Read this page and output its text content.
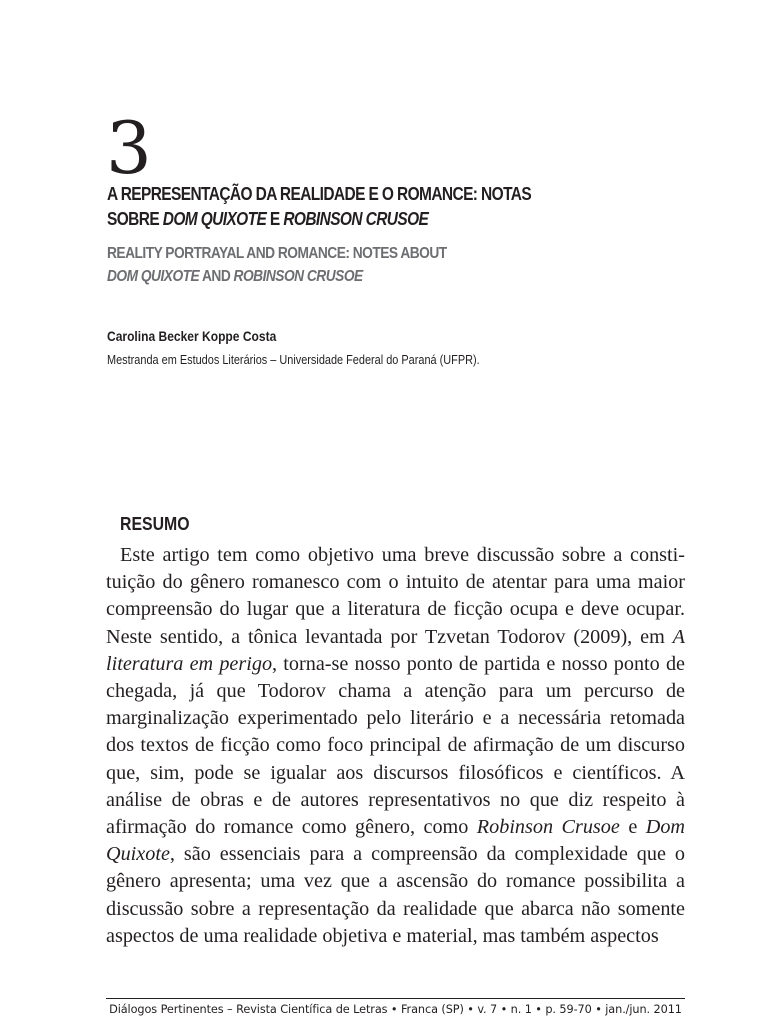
3
A REPRESENTAÇÃO DA REALIDADE E O ROMANCE: NOTAS
SOBRE DOM QUIXOTE E ROBINSON CRUSOE
REALITY PORTRAYAL AND ROMANCE: NOTES ABOUT
DOM QUIXOTE AND ROBINSON CRUSOE
Carolina Becker Koppe Costa
Mestranda em Estudos Literários – Universidade Federal do Paraná (UFPR).
RESUMO
Este artigo tem como objetivo uma breve discussão sobre a constituição do gênero romanesco com o intuito de atentar para uma maior compreensão do lugar que a literatura de ficção ocupa e deve ocupar. Neste sentido, a tônica levantada por Tzvetan Todorov (2009), em A literatura em perigo, torna-se nosso ponto de partida e nosso ponto de chegada, já que Todorov chama a atenção para um percurso de marginalização experimentado pelo literário e a necessária retomada dos textos de ficção como foco principal de afirmação de um discurso que, sim, pode se igualar aos discursos filosóficos e científicos. A análise de obras e de autores representativos no que diz respeito à afirmação do romance como gênero, como Robinson Crusoe e Dom Quixote, são essenciais para a compreensão da complexidade que o gênero apresenta; uma vez que a ascensão do romance possibilita a discussão sobre a representação da realidade que abarca não somente aspectos de uma realidade objetiva e material, mas também aspectos
Diálogos Pertinentes – Revista Científica de Letras • Franca (SP) • v. 7 • n. 1 • p. 59-70 • jan./jun. 2011
